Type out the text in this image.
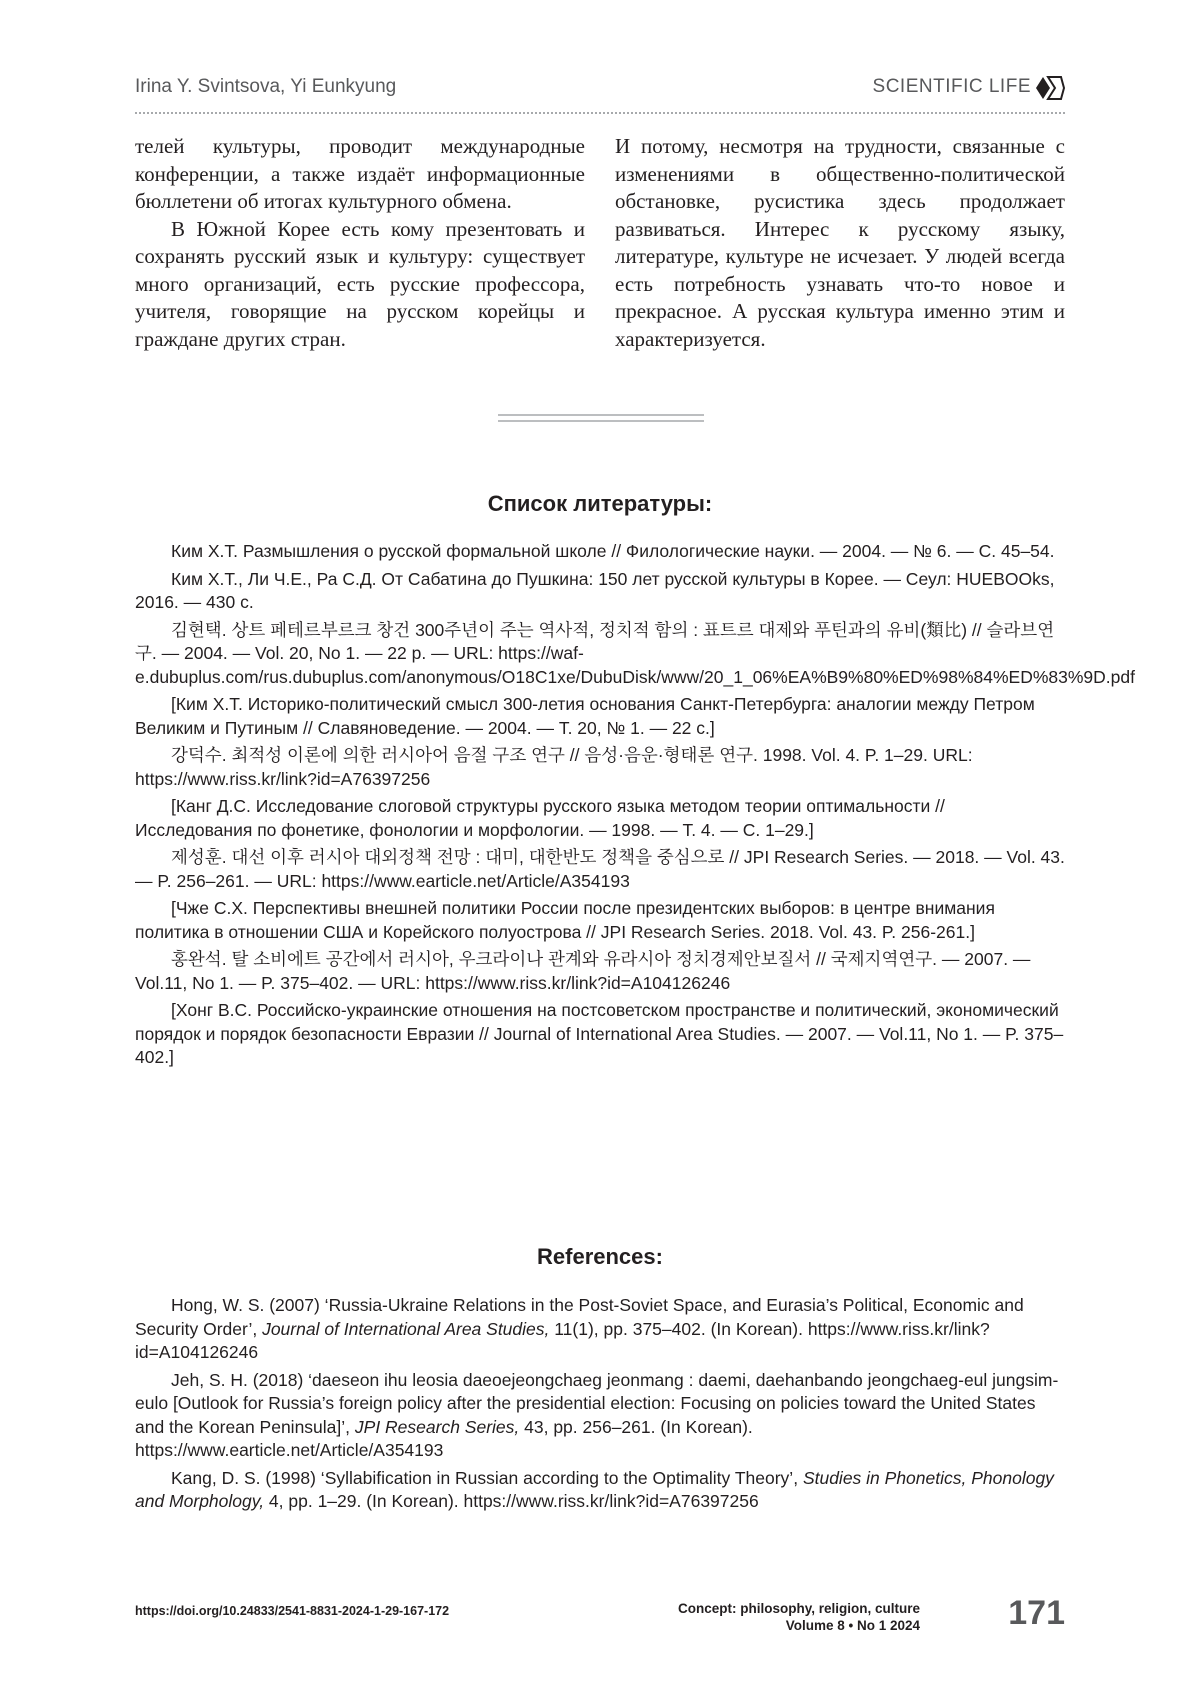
Irina Y. Svintsova, Yi Eunkyung	SCIENTIFIC LIFE

телей культуры, проводит международные конференции, а также издаёт информационные бюллетени об итогах культурного обмена.

В Южной Корее есть кому презентовать и сохранять русский язык и культуру: существует много организаций, есть русские профессора, учителя, говорящие на русском корейцы и граждане других стран.

И потому, несмотря на трудности, связанные с изменениями в общественно-политической обстановке, русистика здесь продолжает развиваться. Интерес к русскому языку, литературе, культуре не исчезает. У людей всегда есть потребность узнавать что-то новое и прекрасное. А русская культура именно этим и характеризуется.

Список литературы:

Ким Х.Т. Размышления о русской формальной школе // Филологические науки. — 2004. — № 6. — С. 45–54.

Ким Х.Т., Ли Ч.Е., Ра С.Д. От Сабатина до Пушкина: 150 лет русской культуры в Корее. — Сеул: HUEBOOks, 2016. — 430 с.

김현택. 상트 페테르부르크 창건 300주년이 주는 역사적, 정치적 함의 : 표트르 대제와 푸틴과의 유비(類比) // 슬라브연구. — 2004. — Vol. 20, No 1. — 22 p. — URL: https://waf-e.dubuplus.com/rus.dubuplus.com/anonymous/O18C1xe/DubuDisk/www/20_1_06%EA%B9%80%ED%98%84%ED%83%9D.pdf

[Ким Х.Т. Историко-политический смысл 300-летия основания Санкт-Петербурга: аналогии между Петром Великим и Путиным // Славяноведение. — 2004. — Т. 20, № 1. — 22 с.]

강덕수. 최적성 이론에 의한 러시아어 음절 구조 연구 // 음성·음운·형태론 연구. 1998. Vol. 4. P. 1–29. URL: https://www.riss.kr/link?id=A76397256

[Канг Д.С. Исследование слоговой структуры русского языка методом теории оптимальности // Исследования по фонетике, фонологии и морфологии. — 1998. — Т. 4. — С. 1–29.]

제성훈. 대선 이후 러시아 대외정책 전망 : 대미, 대한반도 정책을 중심으로 // JPI Research Series. — 2018. — Vol. 43. — P. 256–261. — URL: https://www.earticle.net/Article/A354193

[Чже С.Х. Перспективы внешней политики России после президентских выборов: в центре внимания политика в отношении США и Корейского полуострова // JPI Research Series. 2018. Vol. 43. P. 256-261.]

홍완석. 탈 소비에트 공간에서 러시아, 우크라이나 관계와 유라시아 정치경제안보질서 // 국제지역연구. — 2007. — Vol.11, No 1. — P. 375–402. — URL: https://www.riss.kr/link?id=A104126246

[Хонг В.С. Российско-украинские отношения на постсоветском пространстве и политический, экономический порядок и порядок безопасности Евразии // Journal of International Area Studies. — 2007. — Vol.11, No 1. — P. 375–402.]

References:

Hong, W. S. (2007) ‘Russia-Ukraine Relations in the Post-Soviet Space, and Eurasia’s Political, Economic and Security Order’, Journal of International Area Studies, 11(1), pp. 375–402. (In Korean). https://www.riss.kr/link?id=A104126246

Jeh, S. H. (2018) ‘daeseon ihu leosia daeoejeongchaeg jeonmang : daemi, daehanbando jeongchaeg-eul jungsim-eulo [Outlook for Russia’s foreign policy after the presidential election: Focusing on policies toward the United States and the Korean Peninsula]’, JPI Research Series, 43, pp. 256–261. (In Korean). https://www.earticle.net/Article/A354193

Kang, D. S. (1998) ‘Syllabification in Russian according to the Optimality Theory’, Studies in Phonetics, Phonology and Morphology, 4, pp. 1–29. (In Korean). https://www.riss.kr/link?id=A76397256

https://doi.org/10.24833/2541-8831-2024-1-29-167-172	Concept: philosophy, religion, culture
Volume 8 • No 1 2024	171
